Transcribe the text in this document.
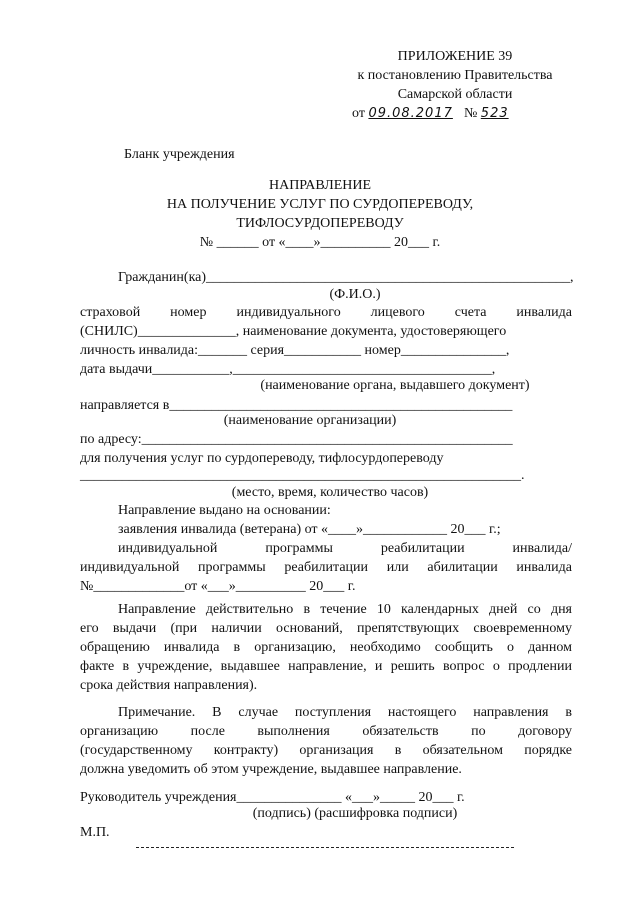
ПРИЛОЖЕНИЕ 39
к постановлению Правительства
Самарской области
от 09.08.2017 № 523
Бланк учреждения
НАПРАВЛЕНИЕ
НА ПОЛУЧЕНИЕ УСЛУГ ПО СУРДОПЕРЕВОДУ,
ТИФЛОСУРДОПЕРЕВОДУ
№ ______ от «____»__________ 20___ г.
Гражданин(ка)____________________________________________________,
(Ф.И.О.)
страховой номер индивидуального лицевого счета инвалида
(СНИЛС)______________, наименование документа, удостоверяющего
личность инвалида:_______ серия___________ номер_______________,
дата выдачи___________,_____________________________________,
(наименование органа, выдавшего документ)
направляется в_________________________________________________
(наименование организации)
по адресу:_____________________________________________________
для получения услуг по сурдопереводу, тифлосурдопереводу
_______________________________________________________________.
(место, время, количество часов)
Направление выдано на основании:
заявления инвалида (ветерана) от «____»____________ 20___ г.;
индивидуальной программы реабилитации инвалида/
индивидуальной программы реабилитации или абилитации инвалида
№_____________от «___»__________ 20___ г.
Направление действительно в течение 10 календарных дней со дня
его выдачи (при наличии оснований, препятствующих своевременному
обращению инвалида в организацию, необходимо сообщить о данном
факте в учреждение, выдавшее направление, и решить вопрос о продлении
срока действия направления).
Примечание. В случае поступления настоящего направления в
организацию после выполнения обязательств по договору
(государственному контракту) организация в обязательном порядке
должна уведомить об этом учреждение, выдавшее направление.
Руководитель учреждения_______________ «___»_____ 20___ г.
(подпись) (расшифровка подписи)
М.П.
